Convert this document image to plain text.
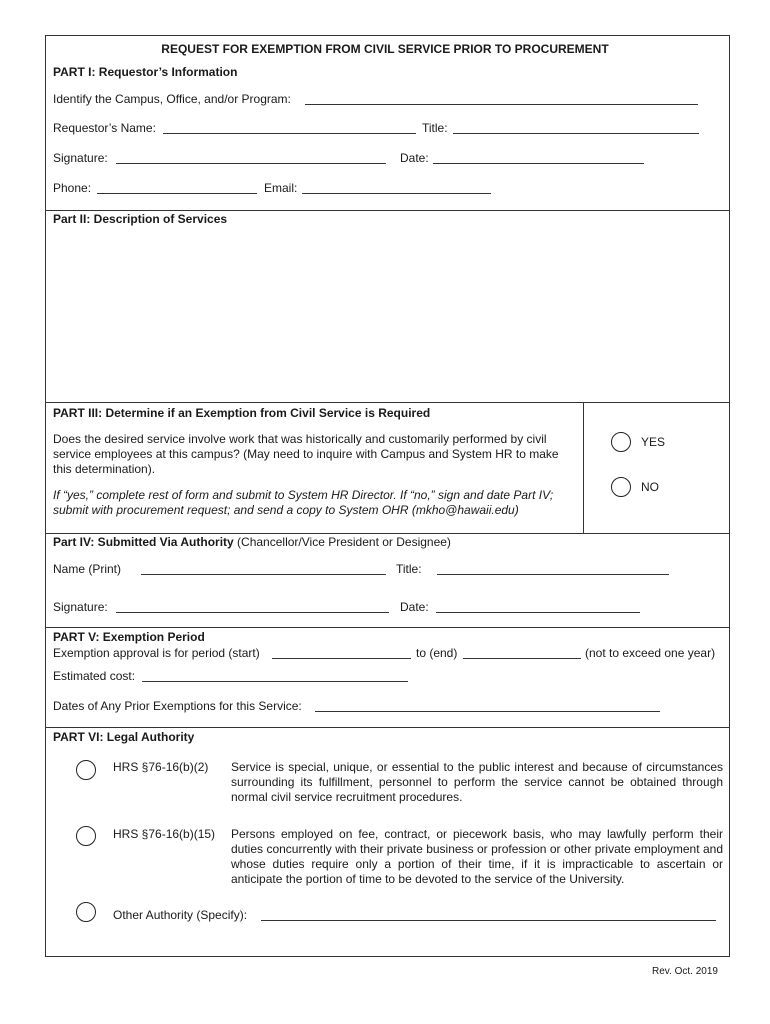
REQUEST FOR EXEMPTION FROM CIVIL SERVICE PRIOR TO PROCUREMENT
PART I: Requestor’s Information
Identify the Campus, Office, and/or Program:
Requestor’s Name:	Title:
Signature:	Date:
Phone:	Email:
Part II: Description of Services
PART III: Determine if an Exemption from Civil Service is Required
Does the desired service involve work that was historically and customarily performed by civil service employees at this campus? (May need to inquire with Campus and System HR to make this determination).
If “yes,” complete rest of form and submit to System HR Director. If “no,” sign and date Part IV; submit with procurement request; and send a copy to System OHR (mkho@hawaii.edu)
YES
NO
Part IV: Submitted Via Authority (Chancellor/Vice President or Designee)
Name (Print)	Title:
Signature:	Date:
PART V: Exemption Period
Exemption approval is for period (start)	to (end)	(not to exceed one year)
Estimated cost:
Dates of Any Prior Exemptions for this Service:
PART VI: Legal Authority
HRS §76-16(b)(2) Service is special, unique, or essential to the public interest and because of circumstances surrounding its fulfillment, personnel to perform the service cannot be obtained through normal civil service recruitment procedures.
HRS §76-16(b)(15) Persons employed on fee, contract, or piecework basis, who may lawfully perform their duties concurrently with their private business or profession or other private employment and whose duties require only a portion of their time, if it is impracticable to ascertain or anticipate the portion of time to be devoted to the service of the University.
Other Authority (Specify):
Rev. Oct. 2019
